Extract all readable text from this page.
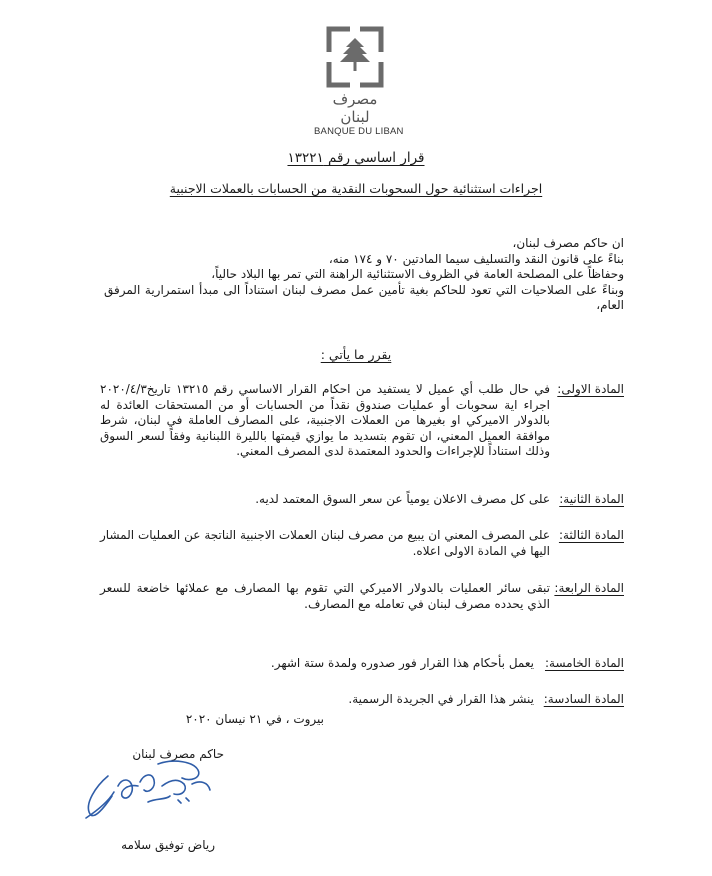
مصرف لبنان
BANQUE DU LIBAN
قرار اساسي رقم ١٣٢٢١
اجراءات استثنائية حول السحوبات النقدية من الحسابات بالعملات الاجنبية

ان حاكم مصرف لبنان،

بناءً على قانون النقد والتسليف سيما المادتين ٧٠ و ١٧٤ منه،

وحفاظاً على المصلحة العامة في الظروف الاستثنائية الراهنة التي تمر بها البلاد حالياً،

وبناءً على الصلاحيات التي تعود للحاكم بغية تأمين عمل مصرف لبنان استناداً الى مبدأ استمرارية المرفق العام،

يقرر ما يأتي :
المادة الاولى:
في حال طلب أي عميل لا يستفيد من احكام القرار الاساسي رقم ١٣٢١٥ تاريخ٢٠٢٠/٤/٣ اجراء اية سحوبات أو عمليات صندوق نقداً من الحسابات أو من المستحقات العائدة له بالدولار الاميركي او بغيرها من العملات الاجنبية، على المصارف العاملة في لبنان، شرط موافقة العميل المعني، ان تقوم بتسديد ما يوازي قيمتها بالليرة اللبنانية وفقاً لسعر السوق وذلك استناداً للإجراءات والحدود المعتمدة لدى المصرف المعني.
المادة الثانية:
على كل مصرف الاعلان يومياً عن سعر السوق المعتمد لديه.
المادة الثالثة:
على المصرف المعني ان يبيع من مصرف لبنان العملات الاجنبية الناتجة عن العمليات المشار اليها في المادة الاولى اعلاه.
المادة الرابعة:
تبقى سائر العمليات بالدولار الاميركي التي تقوم بها المصارف مع عملائها خاضعة للسعر الذي يحدده مصرف لبنان في تعامله مع المصارف.
المادة الخامسة:
يعمل بأحكام هذا القرار فور صدوره ولمدة ستة اشهر.
المادة السادسة:
ينشر هذا القرار في الجريدة الرسمية.
بيروت ، في ٢١ نيسان ٢٠٢٠
حاكم مصرف لبنان
رياض توفيق سلامه
